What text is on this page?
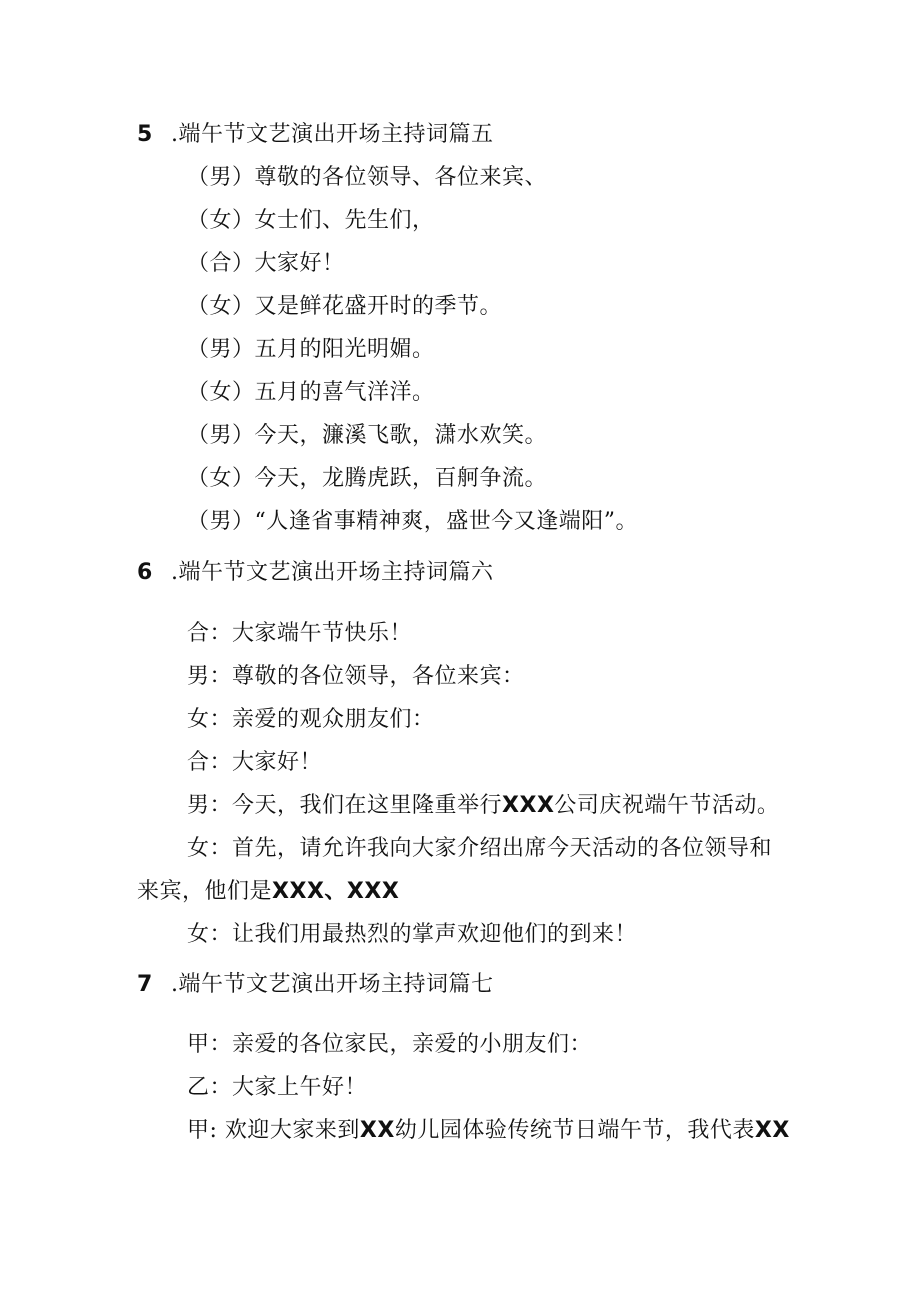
5 .端午节文艺演出开场主持词篇五
（男）尊敬的各位领导、各位来宾、
（女）女士们、先生们，
（合）大家好！
（女）又是鲜花盛开时的季节。
（男）五月的阳光明媚。
（女）五月的喜气洋洋。
（男）今天，濂溪飞歌，潇水欢笑。
（女）今天，龙腾虎跃，百舸争流。
（男）“人逢省事精神爽，盛世今又逢端阳”。
6 .端午节文艺演出开场主持词篇六
合：大家端午节快乐！
男：尊敬的各位领导，各位来宾：
女：亲爱的观众朋友们：
合：大家好！
男：今天，我们在这里隆重举行XXX公司庆祝端午节活动。
女：首先，请允许我向大家介绍出席今天活动的各位领导和
来宾，他们是XXX、XXX
女：让我们用最热烈的掌声欢迎他们的到来！
7 .端午节文艺演出开场主持词篇七
甲：亲爱的各位家民，亲爱的小朋友们：
乙：大家上午好！
甲: 欢迎大家来到XX幼儿园体验传统节日端午节，我代表XX
